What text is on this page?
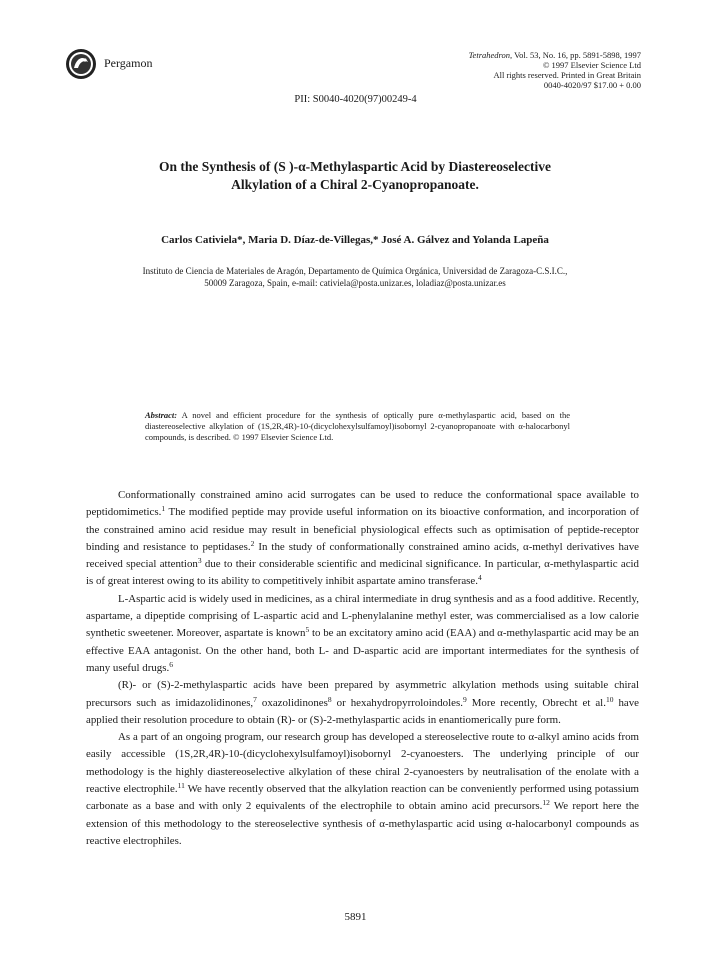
Pergamon
Tetrahedron, Vol. 53, No. 16, pp. 5891-5898, 1997
© 1997 Elsevier Science Ltd
All rights reserved. Printed in Great Britain
0040-4020/97 $17.00 + 0.00
PII: S0040-4020(97)00249-4
On the Synthesis of (S )-α-Methylaspartic Acid by Diastereoselective
Alkylation of a Chiral 2-Cyanopropanoate.
Carlos Cativiela*, Maria D. Díaz-de-Villegas,* José A. Gálvez and Yolanda Lapeña
Instituto de Ciencia de Materiales de Aragón, Departamento de Química Orgánica, Universidad de Zaragoza-C.S.I.C.,
50009 Zaragoza, Spain, e-mail: cativiela@posta.unizar.es, loladiaz@posta.unizar.es
Abstract: A novel and efficient procedure for the synthesis of optically pure α-methylaspartic acid, based on the diastereoselective alkylation of (1S,2R,4R)-10-(dicyclohexylsulfamoyl)isobornyl 2-cyanopropanoate with α-halocarbonyl compounds, is described. © 1997 Elsevier Science Ltd.

Conformationally constrained amino acid surrogates can be used to reduce the conformational space available to peptidomimetics.$^1$ The modified peptide may provide useful information on its bioactive conformation, and incorporation of the constrained amino acid residue may result in beneficial physiological effects such as optimisation of peptide-receptor binding and resistance to peptidases.$^2$ In the study of conformationally constrained amino acids, α-methyl derivatives have received special attention$^3$ due to their considerable scientific and medicinal significance. In particular, α-methylaspartic acid is of great interest owing to its ability to competitively inhibit aspartate amino transferase.$^4$

L-Aspartic acid is widely used in medicines, as a chiral intermediate in drug synthesis and as a food additive. Recently, aspartame, a dipeptide comprising of L-aspartic acid and L-phenylalanine methyl ester, was commercialised as a low calorie synthetic sweetener. Moreover, aspartate is known$^5$ to be an excitatory amino acid (EAA) and α-methylaspartic acid may be an effective EAA antagonist. On the other hand, both L- and D-aspartic acid are important intermediates for the synthesis of many useful drugs.$^6$

(R)- or (S)-2-methylaspartic acids have been prepared by asymmetric alkylation methods using suitable chiral precursors such as imidazolidinones,$^7$ oxazolidinones$^8$ or hexahydropyrroloindoles.$^9$ More recently, Obrecht et al.$^{10}$ have applied their resolution procedure to obtain (R)- or (S)-2-methylaspartic acids in enantiomerically pure form.

As a part of an ongoing program, our research group has developed a stereoselective route to α-alkyl amino acids from easily accessible (1S,2R,4R)-10-(dicyclohexylsulfamoyl)isobornyl 2-cyanoesters. The underlying principle of our methodology is the highly diastereoselective alkylation of these chiral 2-cyanoesters by neutralisation of the enolate with a reactive electrophile.$^{11}$ We have recently observed that the alkylation reaction can be conveniently performed using potassium carbonate as a base and with only 2 equivalents of the electrophile to obtain amino acid precursors.$^{12}$ We report here the extension of this methodology to the stereoselective synthesis of α-methylaspartic acid using α-halocarbonyl compounds as reactive electrophiles.

5891
